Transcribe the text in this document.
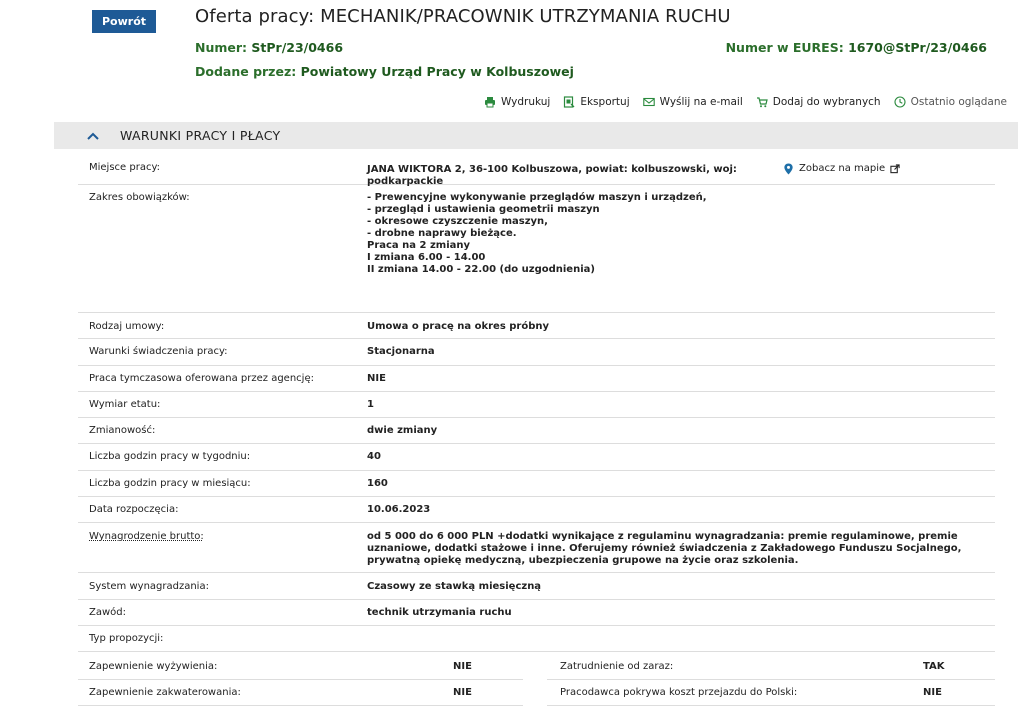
Powrót	Oferta pracy: MECHANIK/PRACOWNIK UTRZYMANIA RUCHU
Numer: StPr/23/0466	Numer w EURES: 1670@StPr/23/0466
Dodane przez: Powiatowy Urząd Pracy w Kolbuszowej
Wydrukuj	Eksportuj	Wyślij na e-mail	Dodaj do wybranych	Ostatnio oglądane
WARUNKI PRACY I PŁACY
Miejsce pracy:	JANA WIKTORA 2, 36-100 Kolbuszowa, powiat: kolbuszowski, woj: podkarpackie
Zobacz na mapie
Zakres obowiązków:	- Prewencyjne wykonywanie przeglądów maszyn i urządzeń,
- przegląd i ustawienia geometrii maszyn
- okresowe czyszczenie maszyn,
- drobne naprawy bieżące.
Praca na 2 zmiany
I zmiana 6.00 - 14.00
II zmiana 14.00 - 22.00 (do uzgodnienia)
Rodzaj umowy:	Umowa o pracę na okres próbny
Warunki świadczenia pracy:	Stacjonarna
Praca tymczasowa oferowana przez agencję:	NIE
Wymiar etatu:	1
Zmianowość:	dwie zmiany
Liczba godzin pracy w tygodniu:	40
Liczba godzin pracy w miesiącu:	160
Data rozpoczęcia:	10.06.2023
Wynagrodzenie brutto:	od 5 000 do 6 000 PLN +dodatki wynikające z regulaminu wynagradzania: premie regulaminowe, premie uznaniowe, dodatki stażowe i inne. Oferujemy również świadczenia z Zakładowego Funduszu Socjalnego, prywatną opiekę medyczną, ubezpieczenia grupowe na życie oraz szkolenia.
System wynagradzania:	Czasowy ze stawką miesięczną
Zawód:	technik utrzymania ruchu
Typ propozycji:
Zapewnienie wyżywienia:	NIE	Zatrudnienie od zaraz:	TAK
Zapewnienie zakwaterowania:	NIE	Pracodawca pokrywa koszt przejazdu do Polski:	NIE
